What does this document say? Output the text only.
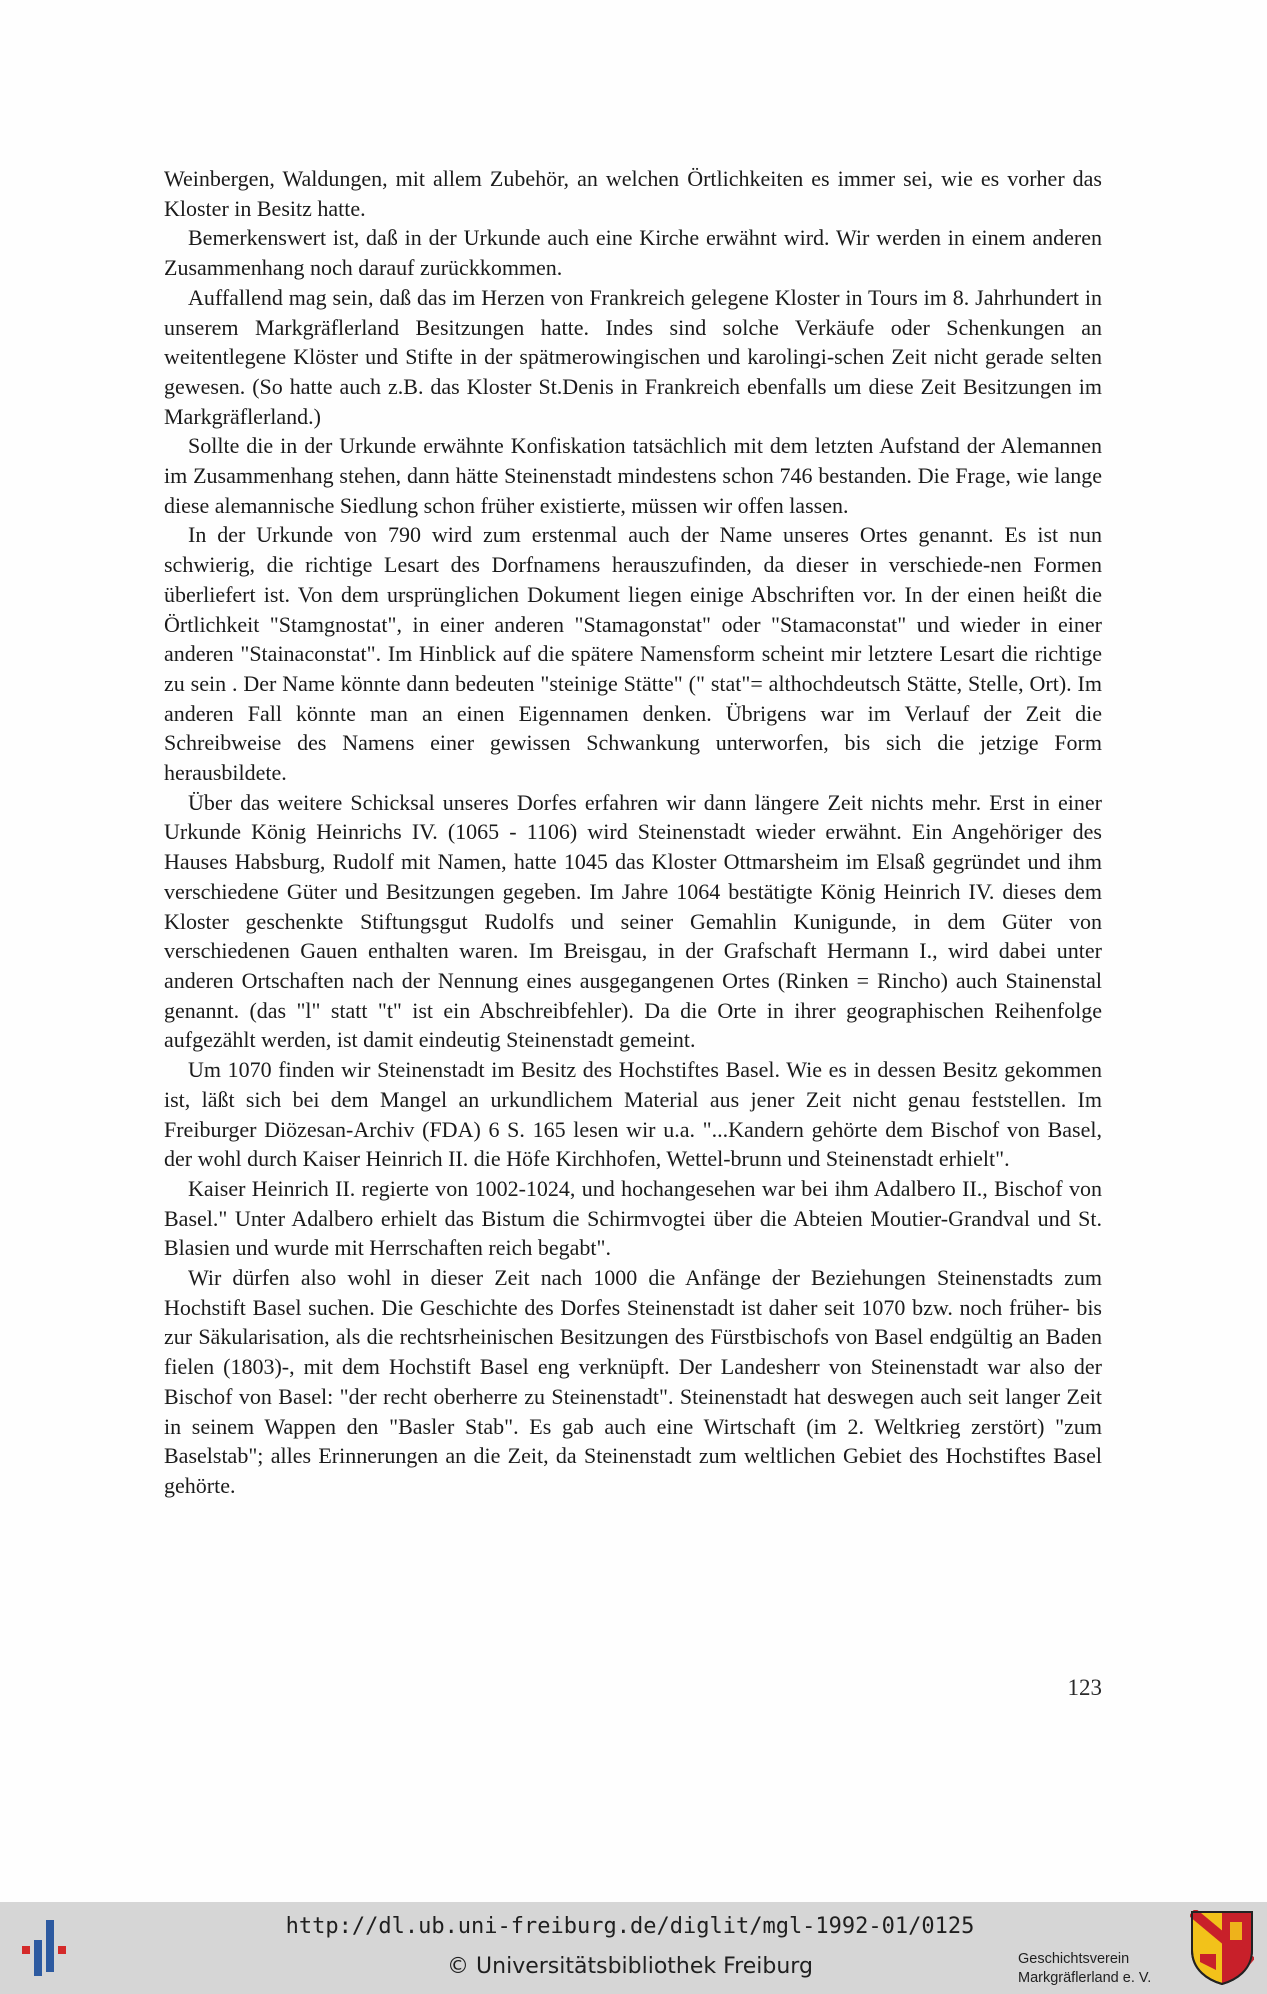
Weinbergen, Waldungen, mit allem Zubehör, an welchen Örtlichkeiten es immer sei, wie es vorher das Kloster in Besitz hatte.

Bemerkenswert ist, daß in der Urkunde auch eine Kirche erwähnt wird. Wir werden in einem anderen Zusammenhang noch darauf zurückkommen.

Auffallend mag sein, daß das im Herzen von Frankreich gelegene Kloster in Tours im 8. Jahrhundert in unserem Markgräflerland Besitzungen hatte. Indes sind solche Verkäufe oder Schenkungen an weitentlegene Klöster und Stifte in der spätmerowingischen und karolingi-schen Zeit nicht gerade selten gewesen. (So hatte auch z.B. das Kloster St.Denis in Frankreich ebenfalls um diese Zeit Besitzungen im Markgräflerland.)

Sollte die in der Urkunde erwähnte Konfiskation tatsächlich mit dem letzten Aufstand der Alemannen im Zusammenhang stehen, dann hätte Steinenstadt mindestens schon 746 bestanden. Die Frage, wie lange diese alemannische Siedlung schon früher existierte, müssen wir offen lassen.

In der Urkunde von 790 wird zum erstenmal auch der Name unseres Ortes genannt. Es ist nun schwierig, die richtige Lesart des Dorfnamens herauszufinden, da dieser in verschiede-nen Formen überliefert ist. Von dem ursprünglichen Dokument liegen einige Abschriften vor. In der einen heißt die Örtlichkeit "Stamgnostat", in einer anderen "Stamagonstat" oder "Stamaconstat" und wieder in einer anderen "Stainaconstat". Im Hinblick auf die spätere Namensform scheint mir letztere Lesart die richtige zu sein . Der Name könnte dann bedeuten "steinige Stätte" (" stat"= althochdeutsch Stätte, Stelle, Ort). Im anderen Fall könnte man an einen Eigennamen denken. Übrigens war im Verlauf der Zeit die Schreibweise des Namens einer gewissen Schwankung unterworfen, bis sich die jetzige Form herausbildete.

Über das weitere Schicksal unseres Dorfes erfahren wir dann längere Zeit nichts mehr. Erst in einer Urkunde König Heinrichs IV. (1065 - 1106) wird Steinenstadt wieder erwähnt. Ein Angehöriger des Hauses Habsburg, Rudolf mit Namen, hatte 1045 das Kloster Ottmarsheim im Elsaß gegründet und ihm verschiedene Güter und Besitzungen gegeben. Im Jahre 1064 bestätigte König Heinrich IV. dieses dem Kloster geschenkte Stiftungsgut Rudolfs und seiner Gemahlin Kunigunde, in dem Güter von verschiedenen Gauen enthalten waren. Im Breisgau, in der Grafschaft Hermann I., wird dabei unter anderen Ortschaften nach der Nennung eines ausgegangenen Ortes (Rinken = Rincho) auch Stainenstal genannt. (das "l" statt "t" ist ein Abschreibfehler). Da die Orte in ihrer geographischen Reihenfolge aufgezählt werden, ist damit eindeutig Steinenstadt gemeint.

Um 1070 finden wir Steinenstadt im Besitz des Hochstiftes Basel. Wie es in dessen Besitz gekommen ist, läßt sich bei dem Mangel an urkundlichem Material aus jener Zeit nicht genau feststellen. Im Freiburger Diözesan-Archiv (FDA) 6 S. 165 lesen wir u.a. "...Kandern gehörte dem Bischof von Basel, der wohl durch Kaiser Heinrich II. die Höfe Kirchhofen, Wettel-brunn und Steinenstadt erhielt".

Kaiser Heinrich II. regierte von 1002-1024, und hochangesehen war bei ihm Adalbero II., Bischof von Basel." Unter Adalbero erhielt das Bistum die Schirmvogtei über die Abteien Moutier-Grandval und St. Blasien und wurde mit Herrschaften reich begabt".

Wir dürfen also wohl in dieser Zeit nach 1000 die Anfänge der Beziehungen Steinenstadts zum Hochstift Basel suchen. Die Geschichte des Dorfes Steinenstadt ist daher seit 1070 bzw. noch früher- bis zur Säkularisation, als die rechtsrheinischen Besitzungen des Fürstbischofs von Basel endgültig an Baden fielen (1803)-, mit dem Hochstift Basel eng verknüpft. Der Landesherr von Steinenstadt war also der Bischof von Basel: "der recht oberherre zu Steinenstadt". Steinenstadt hat deswegen auch seit langer Zeit in seinem Wappen den "Basler Stab". Es gab auch eine Wirtschaft (im 2. Weltkrieg zerstört) "zum Baselstab"; alles Erinnerungen an die Zeit, da Steinenstadt zum weltlichen Gebiet des Hochstiftes Basel gehörte.

123
http://dl.ub.uni-freiburg.de/diglit/mgl-1992-01/0125
© Universitätsbibliothek Freiburg	Geschichtsverein
Markgräflerland e. V.
